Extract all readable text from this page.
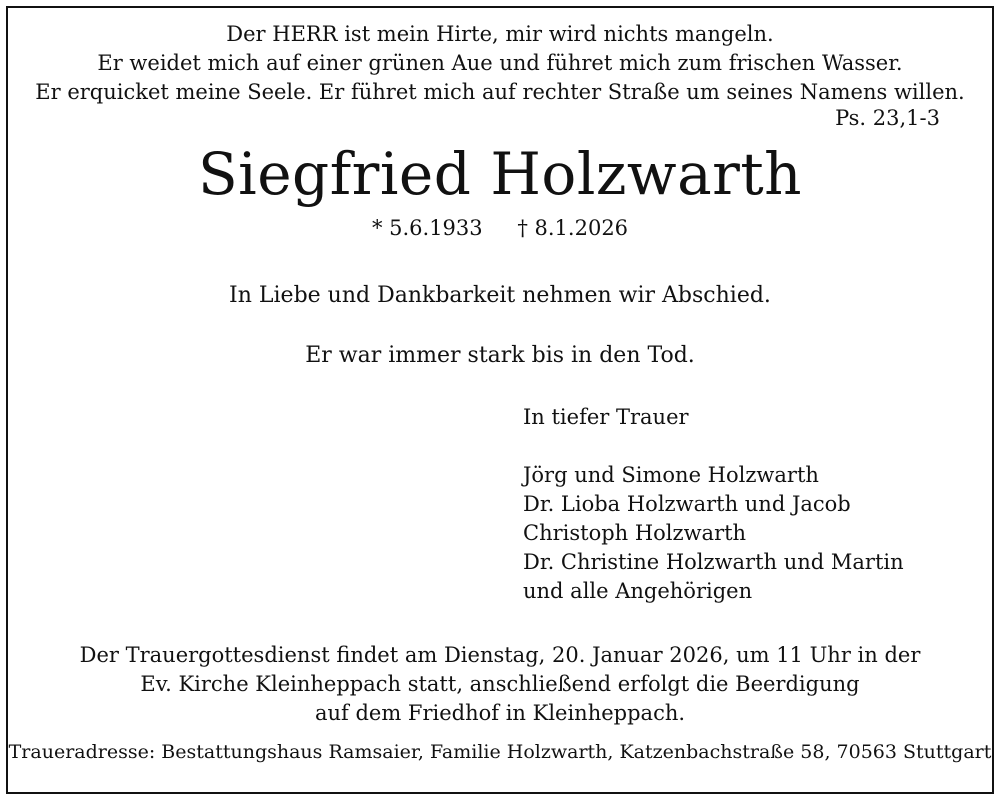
Der HERR ist mein Hirte, mir wird nichts mangeln.
Er weidet mich auf einer grünen Aue und führet mich zum frischen Wasser.
Er erquicket meine Seele. Er führet mich auf rechter Straße um seines Namens willen.
Ps. 23,1-3
Siegfried Holzwarth
* 5.6.1933 † 8.1.2026
In Liebe und Dankbarkeit nehmen wir Abschied.
Er war immer stark bis in den Tod.
In tiefer Trauer
Jörg und Simone Holzwarth
Dr. Lioba Holzwarth und Jacob
Christoph Holzwarth
Dr. Christine Holzwarth und Martin
und alle Angehörigen
Der Trauergottesdienst findet am Dienstag, 20. Januar 2026, um 11 Uhr in der
Ev. Kirche Kleinheppach statt, anschließend erfolgt die Beerdigung
auf dem Friedhof in Kleinheppach.
Traueradresse: Bestattungshaus Ramsaier, Familie Holzwarth, Katzenbachstraße 58, 70563 Stuttgart
